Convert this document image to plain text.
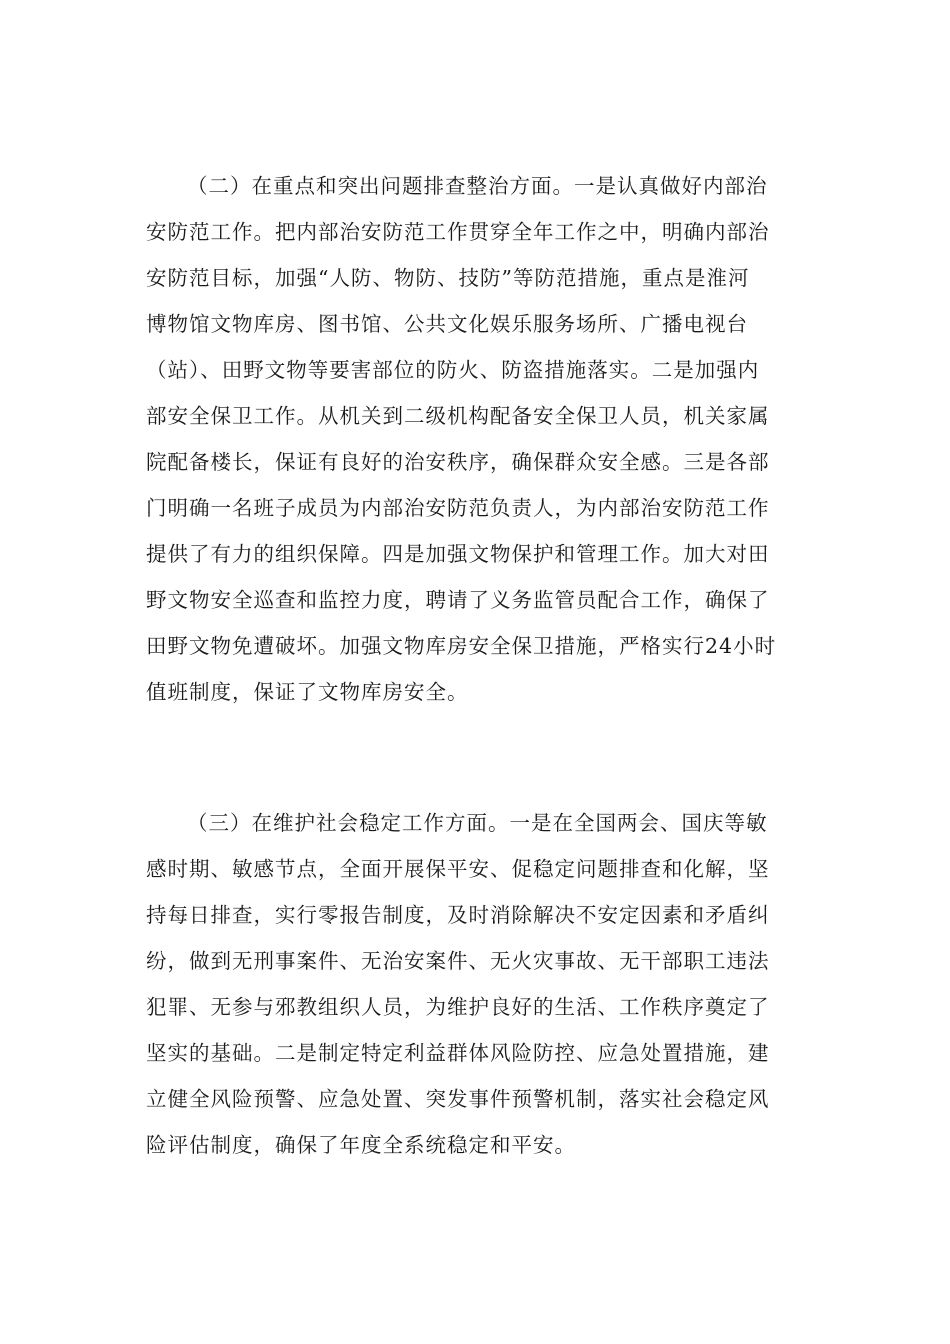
（二）在重点和突出问题排查整治方面。一是认真做好内部治
安防范工作。把内部治安防范工作贯穿全年工作之中，明确内部治
安防范目标，加强“人防、物防、技防”等防范措施，重点是淮河
博物馆文物库房、图书馆、公共文化娱乐服务场所、广播电视台
（站）、田野文物等要害部位的防火、防盗措施落实。二是加强内
部安全保卫工作。从机关到二级机构配备安全保卫人员，机关家属
院配备楼长，保证有良好的治安秩序，确保群众安全感。三是各部
门明确一名班子成员为内部治安防范负责人，为内部治安防范工作
提供了有力的组织保障。四是加强文物保护和管理工作。加大对田
野文物安全巡查和监控力度，聘请了义务监管员配合工作，确保了
田野文物免遭破坏。加强文物库房安全保卫措施，严格实行24小时
值班制度，保证了文物库房安全。
（三）在维护社会稳定工作方面。一是在全国两会、国庆等敏
感时期、敏感节点，全面开展保平安、促稳定问题排查和化解，坚
持每日排查，实行零报告制度，及时消除解决不安定因素和矛盾纠
纷，做到无刑事案件、无治安案件、无火灾事故、无干部职工违法
犯罪、无参与邪教组织人员，为维护良好的生活、工作秩序奠定了
坚实的基础。二是制定特定利益群体风险防控、应急处置措施，建
立健全风险预警、应急处置、突发事件预警机制，落实社会稳定风
险评估制度，确保了年度全系统稳定和平安。
